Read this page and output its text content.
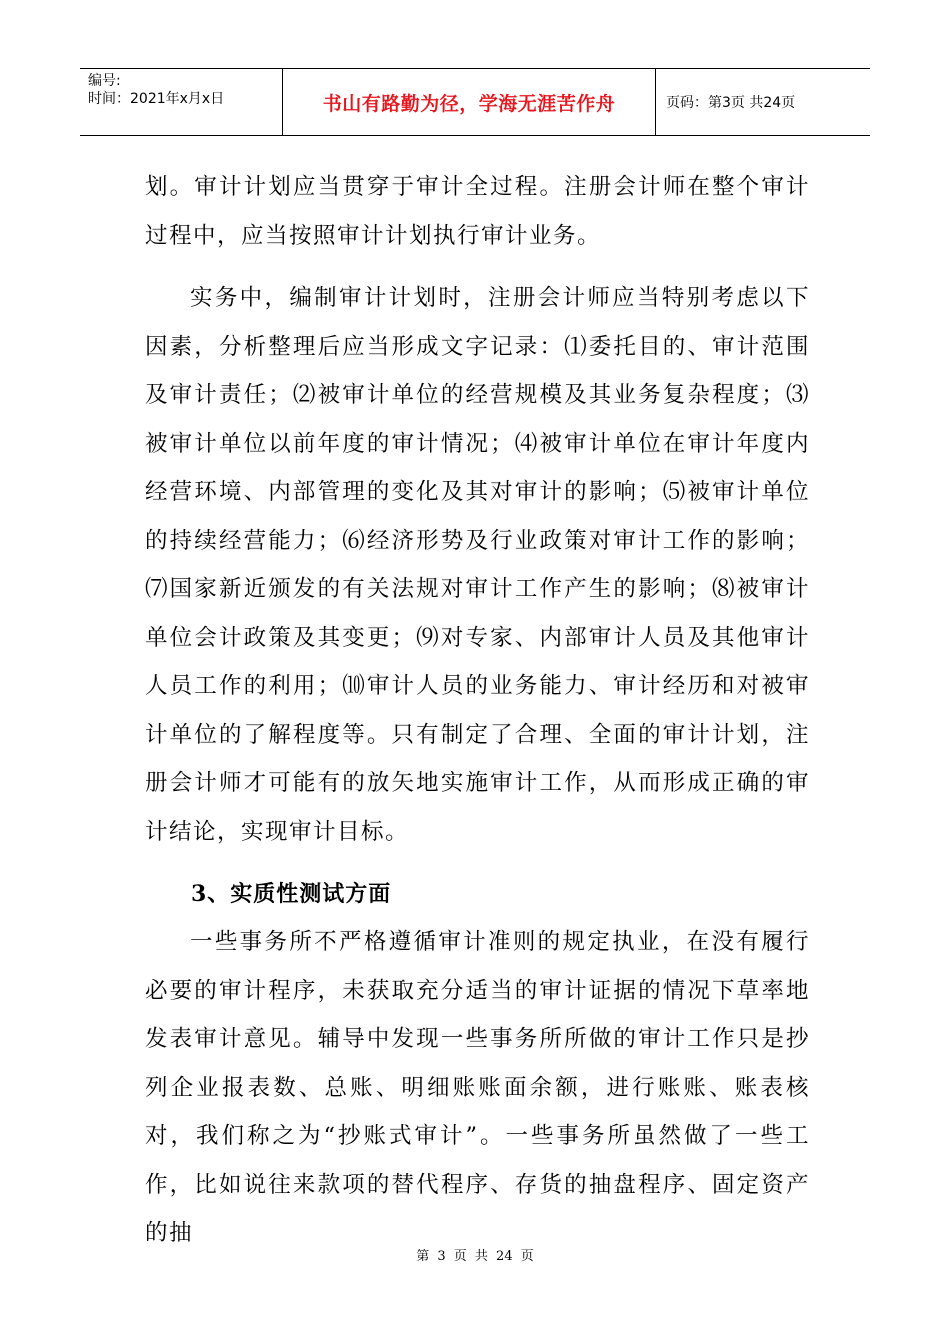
编号:
时间：2021年x月x日	书山有路勤为径，学海无涯苦作舟	页码：第3页 共24页

划。审计计划应当贯穿于审计全过程。注册会计师在整个审计过程中，应当按照审计计划执行审计业务。

实务中，编制审计计划时，注册会计师应当特别考虑以下因素，分析整理后应当形成文字记录：⑴委托目的、审计范围及审计责任；⑵被审计单位的经营规模及其业务复杂程度；⑶被审计单位以前年度的审计情况；⑷被审计单位在审计年度内经营环境、内部管理的变化及其对审计的影响；⑸被审计单位的持续经营能力；⑹经济形势及行业政策对审计工作的影响；⑺国家新近颁发的有关法规对审计工作产生的影响；⑻被审计单位会计政策及其变更；⑼对专家、内部审计人员及其他审计人员工作的利用；⑽审计人员的业务能力、审计经历和对被审计单位的了解程度等。只有制定了合理、全面的审计计划，注册会计师才可能有的放矢地实施审计工作，从而形成正确的审计结论，实现审计目标。

3、实质性测试方面

一些事务所不严格遵循审计准则的规定执业，在没有履行必要的审计程序，未获取充分适当的审计证据的情况下草率地发表审计意见。辅导中发现一些事务所所做的审计工作只是抄列企业报表数、总账、明细账账面余额，进行账账、账表核对，我们称之为“抄账式审计”。一些事务所虽然做了一些工作，比如说往来款项的替代程序、存货的抽盘程序、固定资产的抽

第 3 页 共 24 页
